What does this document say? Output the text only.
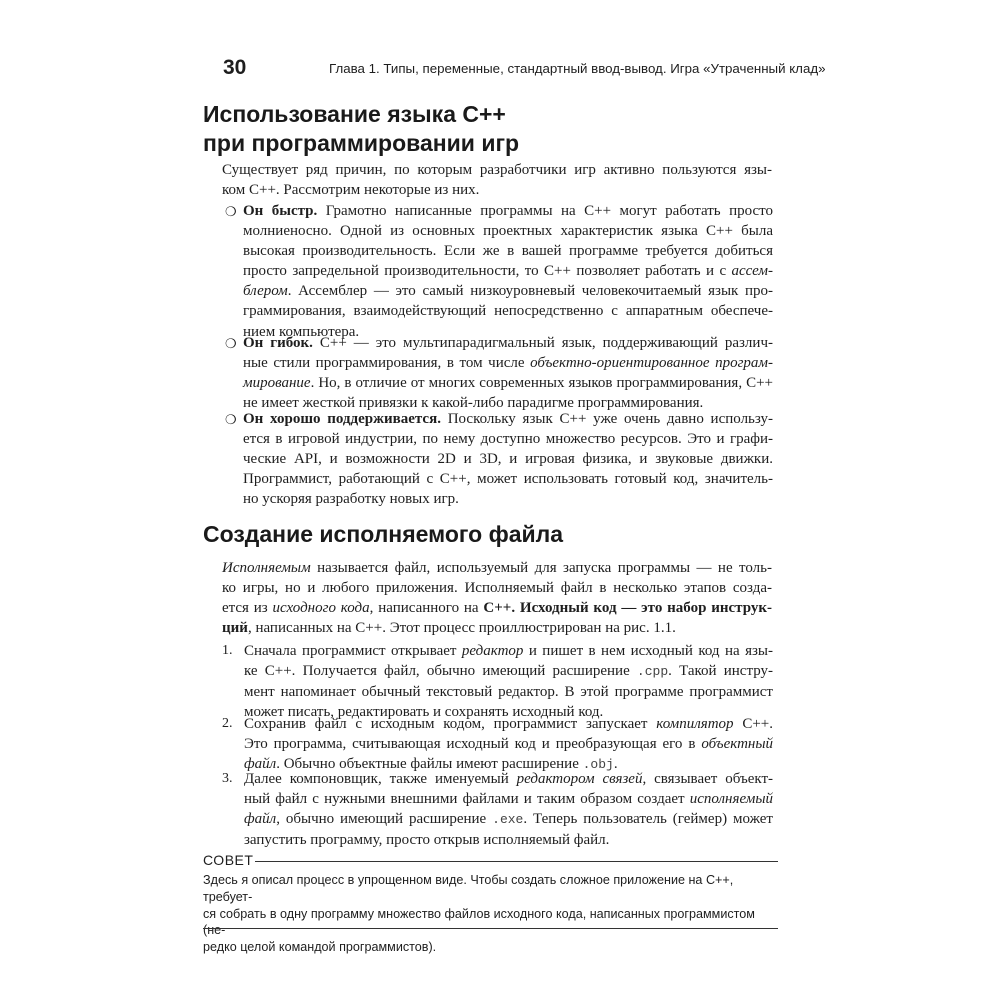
30	Глава 1. Типы, переменные, стандартный ввод-вывод. Игра «Утраченный клад»
Использование языка C++
при программировании игр
Существует ряд причин, по которым разработчики игр активно пользуются язы-
ком C++. Рассмотрим некоторые из них.
❍ Он быстр. Грамотно написанные программы на C++ могут работать просто
молниеносно. Одной из основных проектных характеристик языка C++ была
высокая производительность. Если же в вашей программе требуется добиться
просто запредельной производительности, то C++ позволяет работать и с ассем-
блером. Ассемблер — это самый низкоуровневый человекочитаемый язык про-
граммирования, взаимодействующий непосредственно с аппаратным обеспече-
нием компьютера.
❍ Он гибок. C++ — это мультипарадигмальный язык, поддерживающий различ-
ные стили программирования, в том числе объектно-ориентированное програм-
мирование. Но, в отличие от многих современных языков программирования, C++
не имеет жесткой привязки к какой-либо парадигме программирования.
❍ Он хорошо поддерживается. Поскольку язык C++ уже очень давно использу-
ется в игровой индустрии, по нему доступно множество ресурсов. Это и графи-
ческие API, и возможности 2D и 3D, и игровая физика, и звуковые движки.
Программист, работающий с C++, может использовать готовый код, значитель-
но ускоряя разработку новых игр.
Создание исполняемого файла
Исполняемым называется файл, используемый для запуска программы — не толь-
ко игры, но и любого приложения. Исполняемый файл в несколько этапов созда-
ется из исходного кода, написанного на C++. Исходный код — это набор инструк-
ций, написанных на C++. Этот процесс проиллюстрирован на рис. 1.1.
1. Сначала программист открывает редактор и пишет в нем исходный код на язы-
ке C++. Получается файл, обычно имеющий расширение .cpp. Такой инстру-
мент напоминает обычный текстовый редактор. В этой программе программист
может писать, редактировать и сохранять исходный код.
2. Сохранив файл с исходным кодом, программист запускает компилятор C++.
Это программа, считывающая исходный код и преобразующая его в объектный
файл. Обычно объектные файлы имеют расширение .obj.
3. Далее компоновщик, также именуемый редактором связей, связывает объект-
ный файл с нужными внешними файлами и таким образом создает исполняемый
файл, обычно имеющий расширение .exe. Теперь пользователь (геймер) может
запустить программу, просто открыв исполняемый файл.
СОВЕТ
Здесь я описал процесс в упрощенном виде. Чтобы создать сложное приложение на C++, требует-
ся собрать в одну программу множество файлов исходного кода, написанных программистом (не-
редко целой командой программистов).
